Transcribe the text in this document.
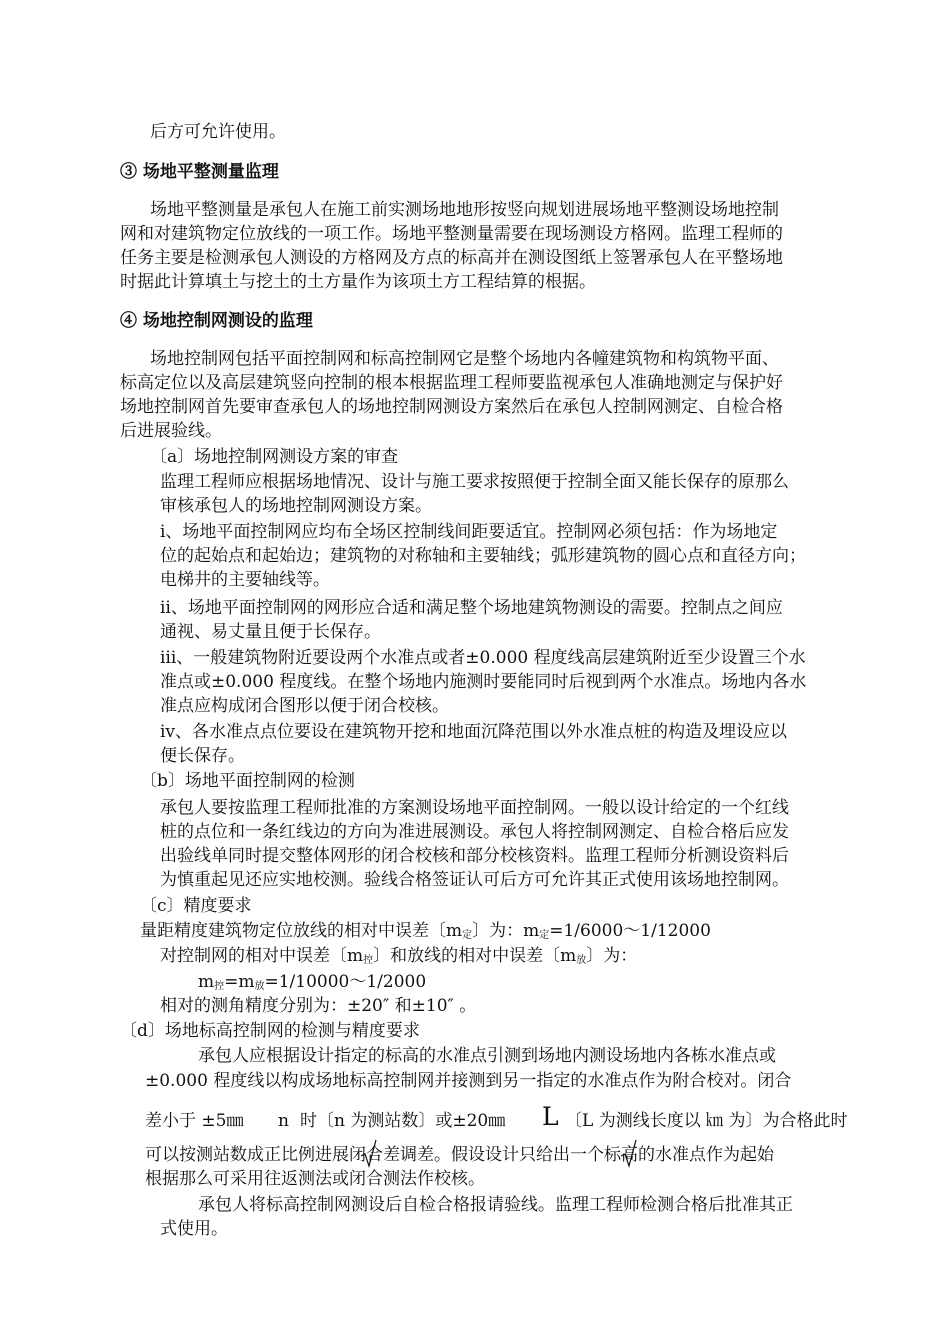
后方可允许使用。
③ 场地平整测量监理
场地平整测量是承包人在施工前实测场地地形按竖向规划进展场地平整测设场地控制
网和对建筑物定位放线的一项工作。场地平整测量需要在现场测设方格网。监理工程师的
任务主要是检测承包人测设的方格网及方点的标高并在测设图纸上签署承包人在平整场地
时据此计算填土与挖土的土方量作为该项土方工程结算的根据。
④ 场地控制网测设的监理
场地控制网包括平面控制网和标高控制网它是整个场地内各幢建筑物和构筑物平面、
标高定位以及高层建筑竖向控制的根本根据监理工程师要监视承包人准确地测定与保护好
场地控制网首先要审查承包人的场地控制网测设方案然后在承包人控制网测定、自检合格
后进展验线。
〔a〕场地控制网测设方案的审查
监理工程师应根据场地情况、设计与施工要求按照便于控制全面又能长保存的原那么
审核承包人的场地控制网测设方案。
ⅰ、场地平面控制网应均布全场区控制线间距要适宜。控制网必须包括：作为场地定
位的起始点和起始边；建筑物的对称轴和主要轴线；弧形建筑物的圆心点和直径方向；
电梯井的主要轴线等。
ⅱ、场地平面控制网的网形应合适和满足整个场地建筑物测设的需要。控制点之间应
通视、易丈量且便于长保存。
ⅲ、一般建筑物附近要设两个水准点或者±0.000 程度线高层建筑附近至少设置三个水
准点或±0.000 程度线。在整个场地内施测时要能同时后视到两个水准点。场地内各水
准点应构成闭合图形以便于闭合校核。
ⅳ、各水准点点位要设在建筑物开挖和地面沉降范围以外水准点桩的构造及埋设应以
便长保存。
〔b〕场地平面控制网的检测
承包人要按监理工程师批准的方案测设场地平面控制网。一般以设计给定的一个红线
桩的点位和一条红线边的方向为准进展测设。承包人将控制网测定、自检合格后应发
出验线单同时提交整体网形的闭合校核和部分校核资料。监理工程师分析测设资料后
为慎重起见还应实地校测。验线合格签证认可后方可允许其正式使用该场地控制网。
〔c〕精度要求
量距精度建筑物定位放线的相对中误差〔$m_定$〕为：$m_定=1/6000\sim 1/12000$
对控制网的相对中误差〔$m_控$〕和放线的相对中误差〔$m_放$〕为：
$m_控=m_放=1/10000\sim 1/2000$
相对的测角精度分别为：±20″ 和±10″ 。
〔d〕场地标高控制网的检测与精度要求
承包人应根据设计指定的标高的水准点引测到场地内测设场地内各栋水准点或
±0.000 程度线以构成场地标高控制网并接测到另一指定的水准点作为附合校对。闭合
差小于 ±5㎜ n 时〔n 为测站数〕或±20㎜ L 〔L 为测线长度以 ㎞ 为〕为合格此时
可以按测站数成正比例进展闭合差调差。假设设计只给出一个标高的水准点作为起始
根据那么可采用往返测法或闭合测法作校核。
承包人将标高控制网测设后自检合格报请验线。监理工程师检测合格后批准其正
式使用。
